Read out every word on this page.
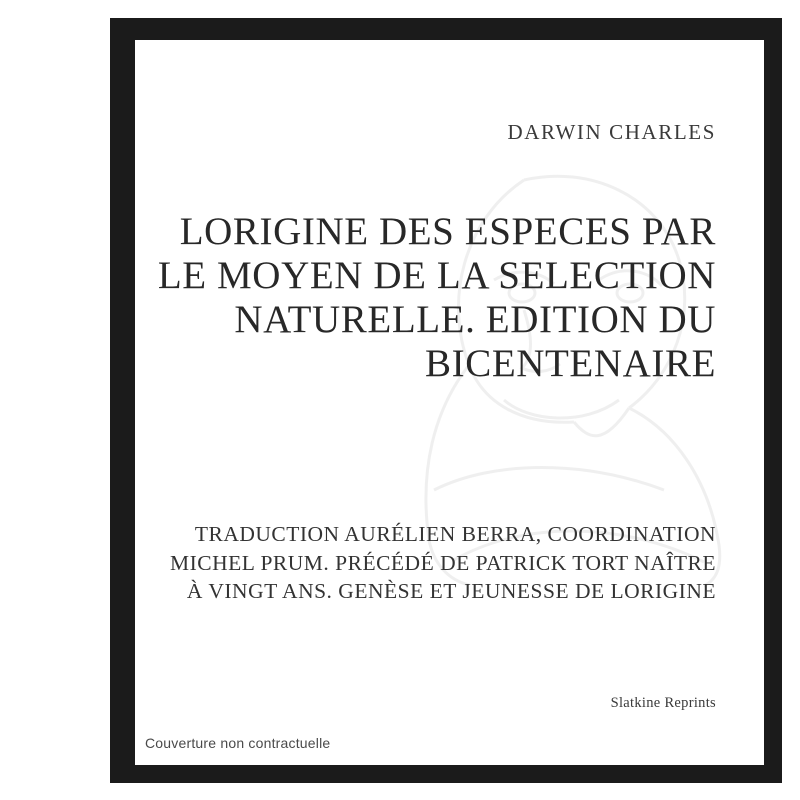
DARWIN CHARLES
LORIGINE DES ESPECES PAR LE MOYEN DE LA SELECTION NATURELLE. EDITION DU BICENTENAIRE
TRADUCTION AURÉLIEN BERRA, COORDINATION MICHEL PRUM. PRÉCÉDÉ DE PATRICK TORT NAÎTRE À VINGT ANS. GENÈSE ET JEUNESSE DE LORIGINE
Slatkine Reprints
Couverture non contractuelle
